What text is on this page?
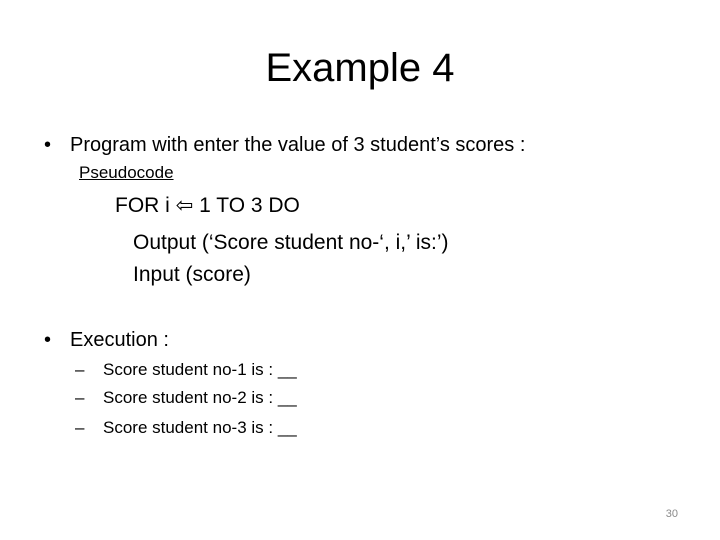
Example 4
• Program with enter the value of 3 student’s scores :
Pseudocode
FOR i ⇦ 1 TO 3 DO
Output (‘Score student no-‘, i,’ is:’)
Input (score)
• Execution :
– Score student no-1 is : __
– Score student no-2 is : __
– Score student no-3 is : __
30
